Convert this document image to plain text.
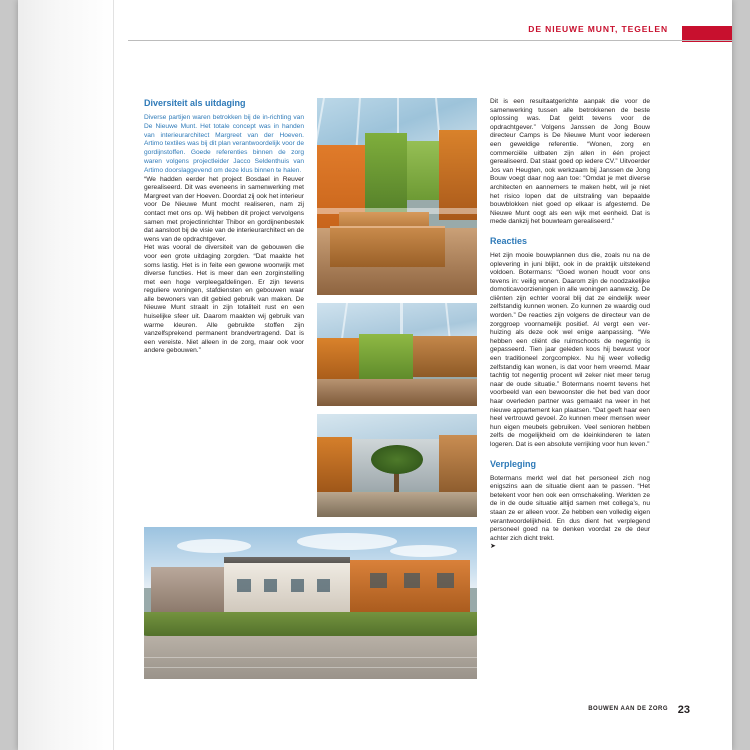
DE NIEUWE MUNT, TEGELEN
Diversiteit als uitdaging

Diverse partijen waren betrokken bij de in-richting van De Nieuwe Munt. Het totale concept was in handen van interieurarchitect Margreet van der Hoeven. Artimo textiles was bij dit plan verantwoordelijk voor de gordijnstoffen. Goede referenties binnen de zorg waren volgens projectleider Jacco Seldenthuis van Artimo doorslaggevend om deze klus binnen te halen.

“We hadden eerder het project Bosdael in Reuver gerealiseerd. Dit was eveneens in samenwerking met Margreet van der Hoeven. Doordat zij ook het interieur voor De Nieuwe Munt mocht realiseren, nam zij contact met ons op. Wij hebben dit project vervolgens samen met projectinrichter Thibor en gordijnenbestek dat aansloot bij de visie van de interieurarchitect en de wens van de opdrachtgever.

Het was vooral de diversiteit van de gebouwen die voor een grote uitdaging zorgden. “Dat maakte het soms lastig. Het is in feite een gewone woonwijk met diverse functies. Het is meer dan een zorginstelling met een hoge verpleegafdelingen. Er zijn tevens reguliere woningen, stafdiensten en gebouwen waar alle bewoners van dit gebied gebruik van maken. De Nieuwe Munt straalt in zijn totaliteit rust en een huiselijke sfeer uit. Daarom maakten wij gebruik van warme kleuren. Alle gebruikte stoffen zijn vanzelfsprekend permanent brandvertragend. Dat is een vereiste. Niet alleen in de zorg, maar ook voor andere gebouwen.”

Dit is een resultaatgerichte aanpak die voor de samenwerking tussen alle betrokkenen de beste oplossing was. Dat geldt tevens voor de opdrachtgever.” Volgens Janssen de Jong Bouw directeur Camps is De Nieuwe Munt voor iedereen een geweldige referentie. “Wonen, zorg en commerciële uitbaten zijn allen in één project gerealiseerd. Dat staat goed op iedere CV.” Uitvoerder Jos van Heugten, ook werkzaam bij Janssen de Jong Bouw voegt daar nog aan toe: “Omdat je met diverse architecten en aannemers te maken hebt, wil je niet het risico lopen dat de uitstraling van bepaalde bouwblokken niet goed op elkaar is afgestemd. De Nieuwe Munt oogt als een wijk met eenheid. Dat is mede dankzij het bouwteam gerealiseerd.”

Reacties

Het zijn mooie bouwplannen dus die, zoals nu na de oplevering in juni blijkt, ook in de praktijk uitstekend voldoen. Botermans: “Goed wonen houdt voor ons tevens in: veilig wonen. Daarom zijn de noodzakelijke domoticavoorzieningen in alle woningen aanwezig. De cliënten zijn echter vooral blij dat ze eindelijk weer zelfstandig kunnen wonen. Zo kunnen ze waardig oud worden.” De reacties zijn volgens de directeur van de zorggroep voornamelijk positief. Al vergt een ver-huizing als deze ook wel enige aanpassing. “We hebben een cliënt die ruimschoots de negentig is gepasseerd. Tien jaar geleden koos hij bewust voor een traditioneel zorgcomplex. Nu hij weer volledig zelfstandig kan wonen, is dat voor hem vreemd. Maar tachtig tot negentig procent wil zeker niet meer terug naar de oude situatie.” Botermans noemt tevens het voorbeeld van een bewoonster die het bed van door haar overleden partner was gemaakt na weer in het nieuwe appartement kan plaatsen. “Dat geeft haar een heel vertrouwd gevoel. Zo kunnen meer mensen weer hun eigen meubels gebruiken. Veel senioren hebben zelfs de mogelijkheid om de kleinkinderen te laten logeren. Dat is een absolute verrijking voor hun leven.”

Verpleging

Botermans merkt wel dat het personeel zich nog enigszins aan de situatie dient aan te passen. “Het betekent voor hen ook een omschakeling. Werkten ze de in de oude situatie altijd samen met collega’s, nu staan ze er alleen voor. Ze hebben een volledig eigen verantwoordelijkheid. En dus dient het verplegend personeel goed na te denken voordat ze de deur achter zich dicht trekt.

➤
BOUWEN AAN DE ZORG 23
